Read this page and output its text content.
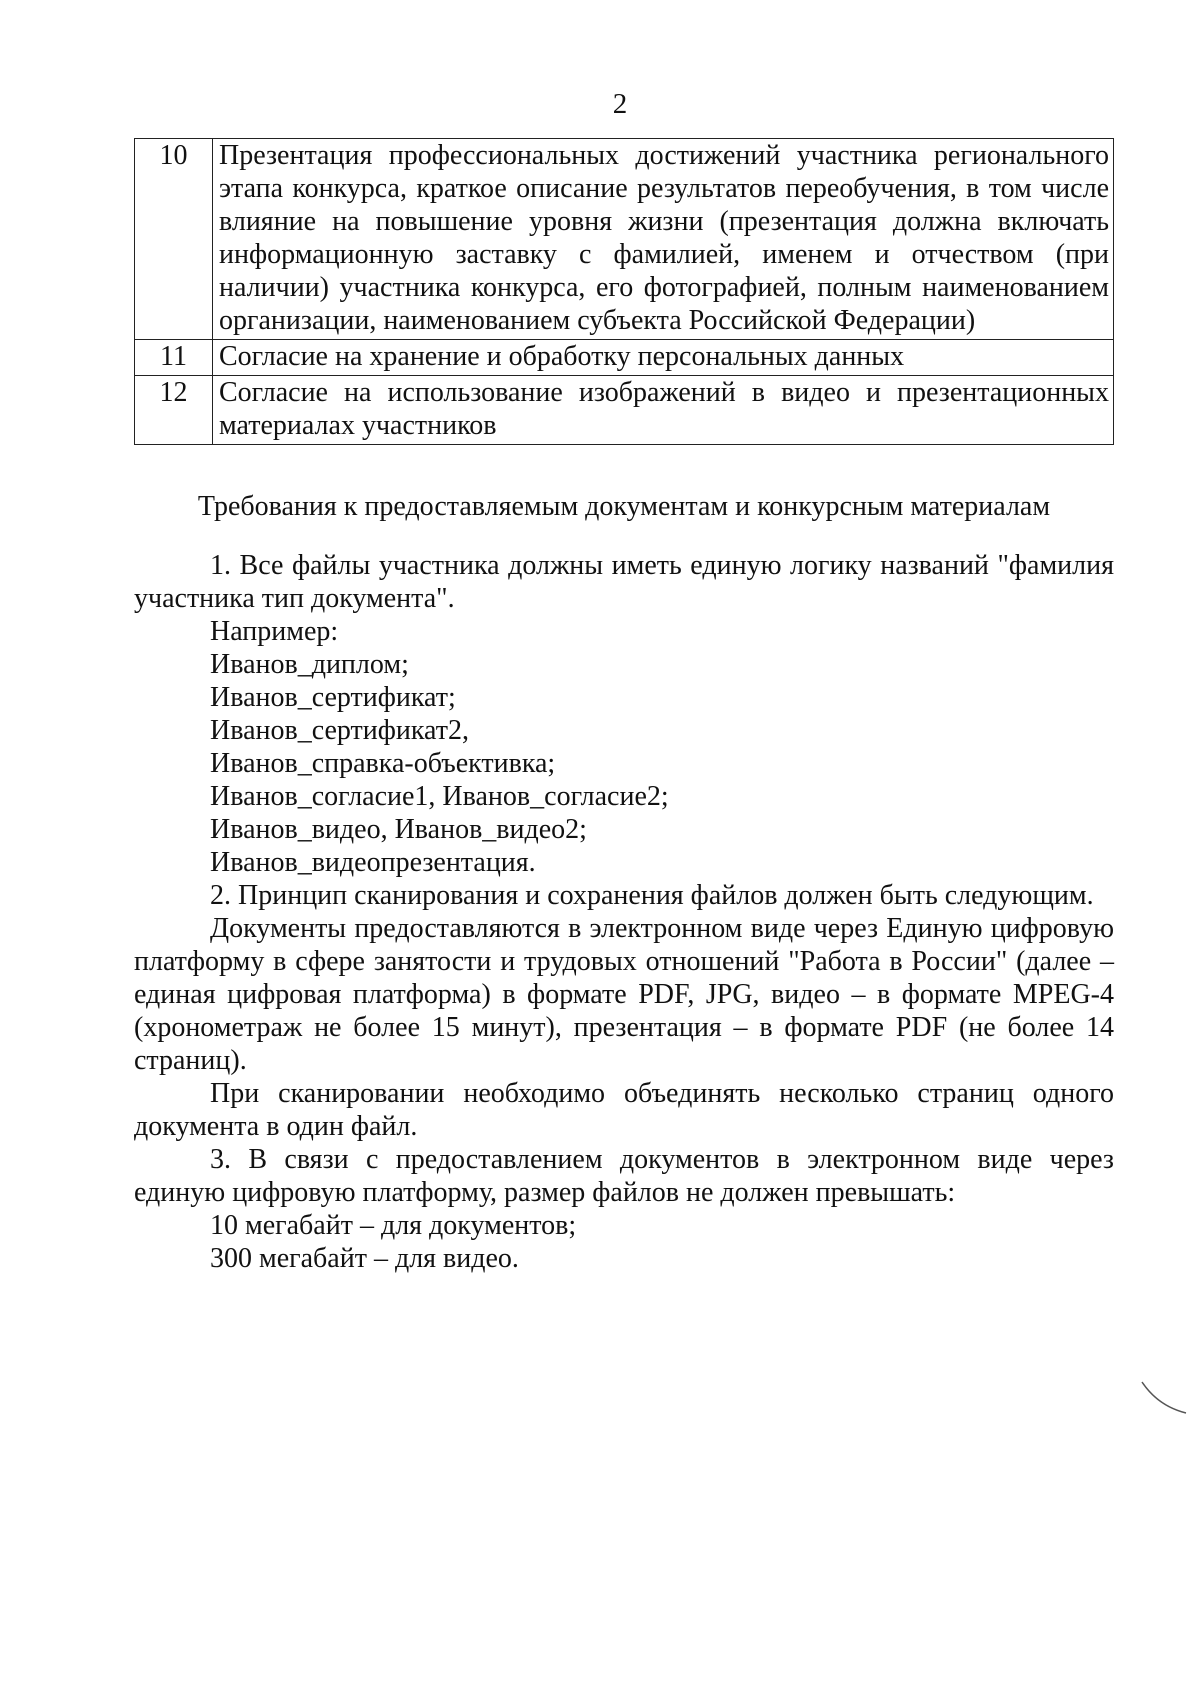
2
10	Презентация профессиональных достижений участника регионального этапа конкурса, краткое описание результатов переобучения, в том числе влияние на повышение уровня жизни (презентация должна включать информационную заставку с фамилией, именем и отчеством (при наличии) участника конкурса, его фотографией, полным наименованием организации, наименованием субъекта Российской Федерации)
11	Согласие на хранение и обработку персональных данных
12	Согласие на использование изображений в видео и презентационных материалах участников

Требования к предоставляемым документам и конкурсным материалам

1. Все файлы участника должны иметь единую логику названий "фамилия участника тип документа".

Например:

Иванов_диплом;

Иванов_сертификат;

Иванов_сертификат2,

Иванов_справка-объективка;

Иванов_согласие1, Иванов_согласие2;

Иванов_видео, Иванов_видео2;

Иванов_видеопрезентация.

2. Принцип сканирования и сохранения файлов должен быть следующим.

Документы предоставляются в электронном виде через Единую цифровую платформу в сфере занятости и трудовых отношений "Работа в России" (далее – единая цифровая платформа) в формате PDF, JPG, видео – в формате MPEG-4 (хронометраж не более 15 минут), презентация – в формате PDF (не более 14 страниц).

При сканировании необходимо объединять несколько страниц одного документа в один файл.

3. В связи с предоставлением документов в электронном виде через единую цифровую платформу, размер файлов не должен превышать:

10 мегабайт – для документов;

300 мегабайт – для видео.
